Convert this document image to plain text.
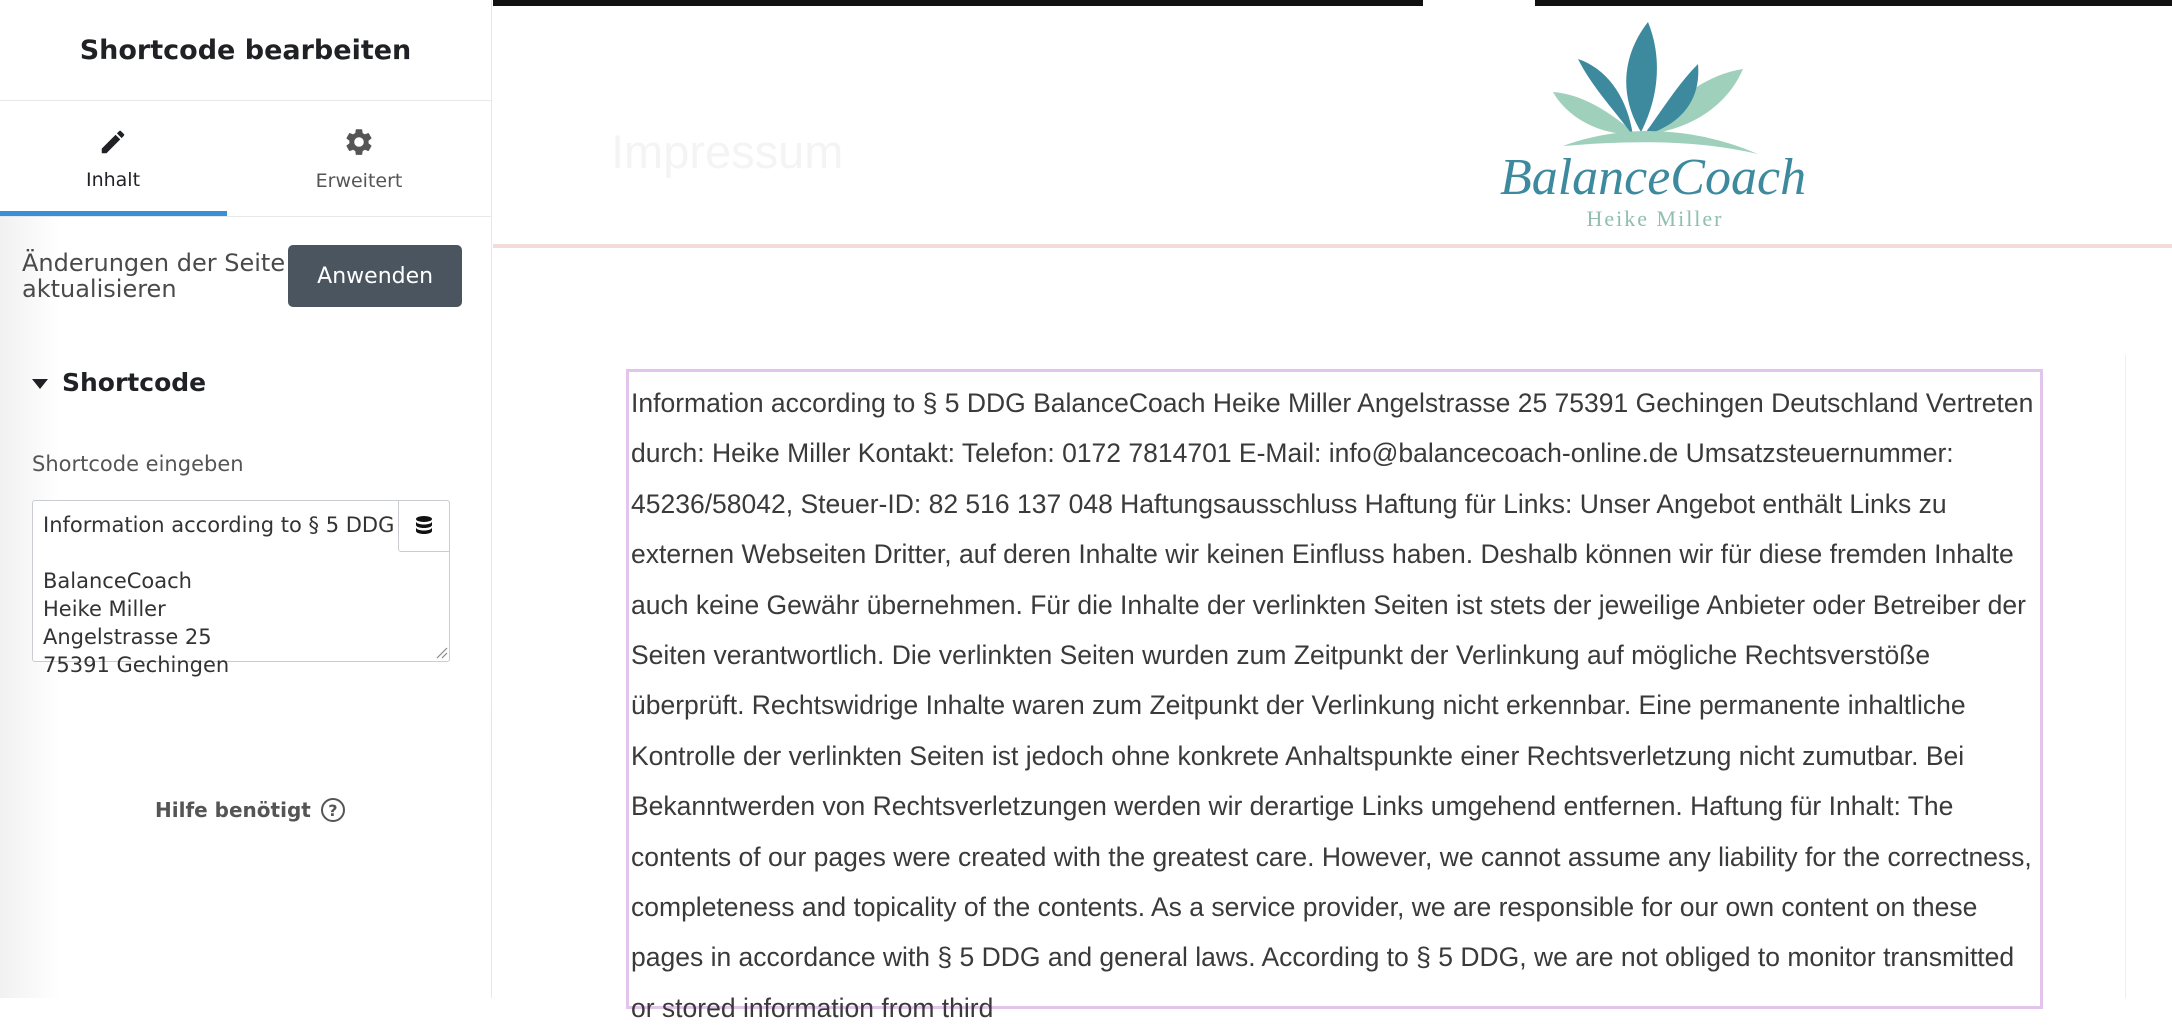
Shortcode bearbeiten
Inhalt	Erweitert
Änderungen der Seite aktualisieren	Anwenden
Shortcode
Shortcode eingeben
Information according to § 5 DDG

BalanceCoach
Heike Miller
Angelstrasse 25
75391 Gechingen
Hilfe benötigt	?
Impressum	BalanceCoach
Heike Miller
Information according to § 5 DDG BalanceCoach Heike Miller Angelstrasse 25 75391 Gechingen Deutschland Vertreten durch: Heike Miller Kontakt: Telefon: 0172 7814701 E-Mail: info@balancecoach-online.de Umsatzsteuernummer: 45236/58042, Steuer-ID: 82 516 137 048 Haftungsausschluss Haftung für Links: Unser Angebot enthält Links zu externen Webseiten Dritter, auf deren Inhalte wir keinen Einfluss haben. Deshalb können wir für diese fremden Inhalte auch keine Gewähr übernehmen. Für die Inhalte der verlinkten Seiten ist stets der jeweilige Anbieter oder Betreiber der Seiten verantwortlich. Die verlinkten Seiten wurden zum Zeitpunkt der Verlinkung auf mögliche Rechtsverstöße überprüft. Rechtswidrige Inhalte waren zum Zeitpunkt der Verlinkung nicht erkennbar. Eine permanente inhaltliche Kontrolle der verlinkten Seiten ist jedoch ohne konkrete Anhaltspunkte einer Rechtsverletzung nicht zumutbar. Bei Bekanntwerden von Rechtsverletzungen werden wir derartige Links umgehend entfernen. Haftung für Inhalt: The contents of our pages were created with the greatest care. However, we cannot assume any liability for the correctness, completeness and topicality of the contents. As a service provider, we are responsible for our own content on these pages in accordance with § 5 DDG and general laws. According to § 5 DDG, we are not obliged to monitor transmitted or stored information from third
